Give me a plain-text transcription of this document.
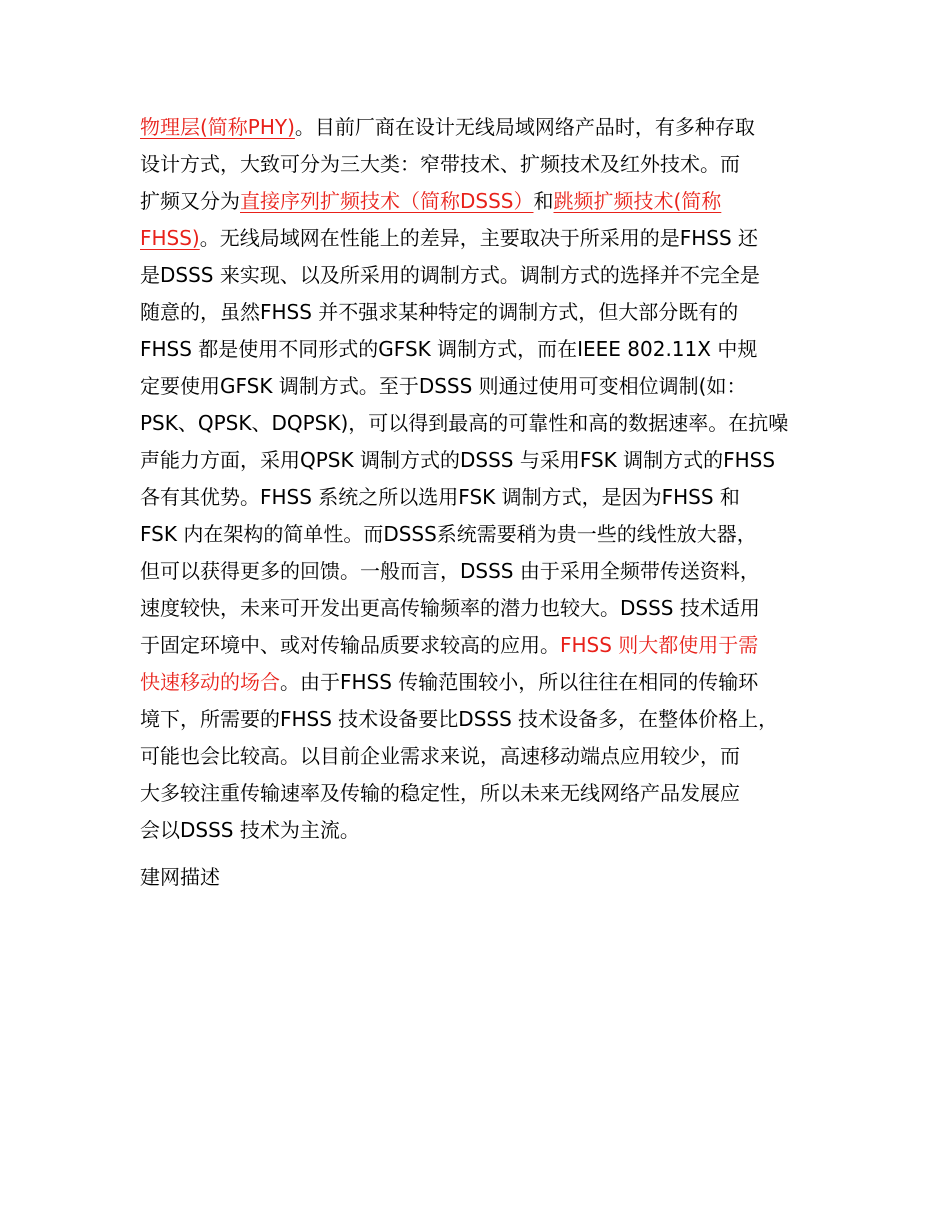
物理层(简称PHY)。目前厂商在设计无线局域网络产品时，有多种存取
设计方式，大致可分为三大类：窄带技术、扩频技术及红外技术。而
扩频又分为直接序列扩频技术（简称DSSS）和跳频扩频技术(简称
FHSS)。无线局域网在性能上的差异，主要取决于所采用的是FHSS 还
是DSSS 来实现、以及所采用的调制方式。调制方式的选择并不完全是
随意的，虽然FHSS 并不强求某种特定的调制方式，但大部分既有的
FHSS 都是使用不同形式的GFSK 调制方式，而在IEEE 802.11X 中规
定要使用GFSK 调制方式。至于DSSS 则通过使用可变相位调制(如：
PSK、QPSK、DQPSK)，可以得到最高的可靠性和高的数据速率。在抗噪
声能力方面，采用QPSK 调制方式的DSSS 与采用FSK 调制方式的FHSS
各有其优势。FHSS 系统之所以选用FSK 调制方式，是因为FHSS 和
FSK 内在架构的简单性。而DSSS系统需要稍为贵一些的线性放大器，
但可以获得更多的回馈。一般而言，DSSS 由于采用全频带传送资料，
速度较快，未来可开发出更高传输频率的潜力也较大。DSSS 技术适用
于固定环境中、或对传输品质要求较高的应用。FHSS 则大都使用于需
快速移动的场合。由于FHSS 传输范围较小，所以往往在相同的传输环
境下，所需要的FHSS 技术设备要比DSSS 技术设备多，在整体价格上，
可能也会比较高。以目前企业需求来说，高速移动端点应用较少，而
大多较注重传输速率及传输的稳定性，所以未来无线网络产品发展应
会以DSSS 技术为主流。
建网描述
